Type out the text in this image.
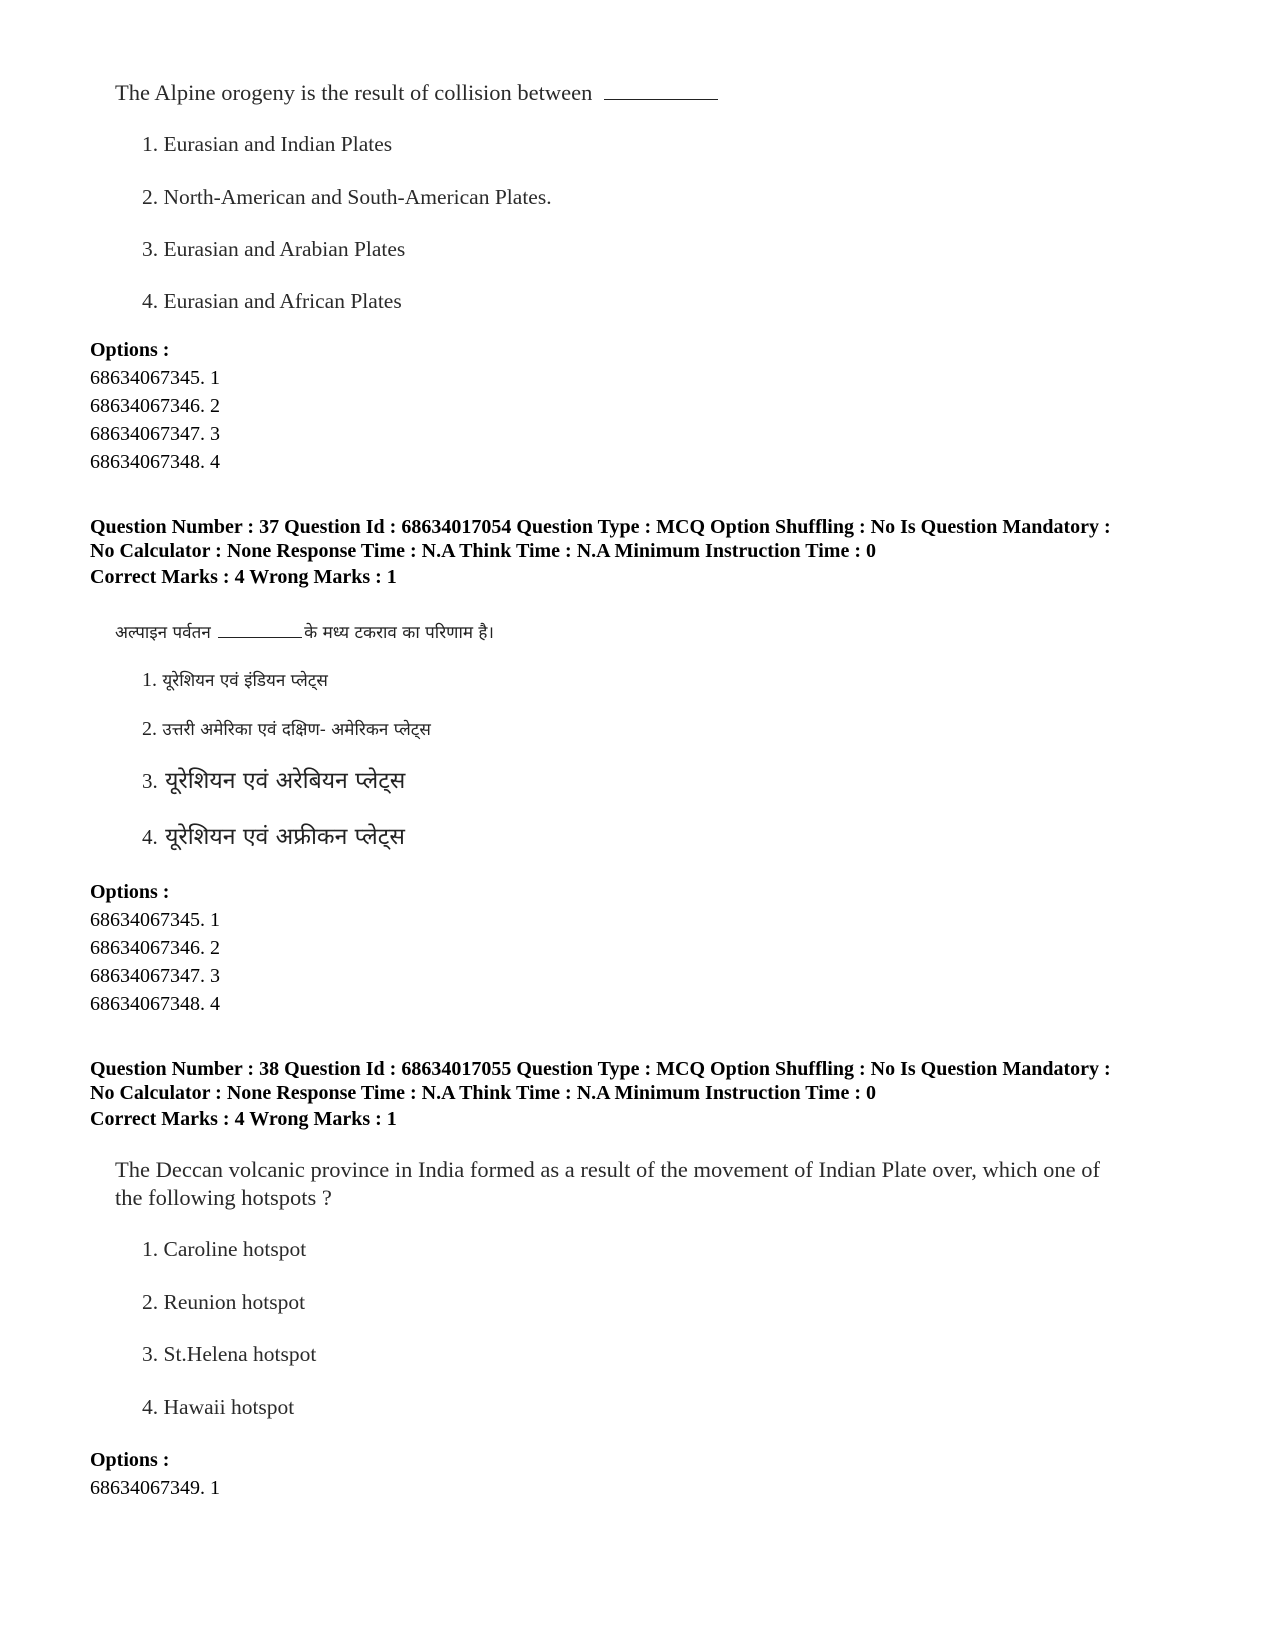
The Alpine orogeny is the result of collision between
1. Eurasian and Indian Plates
2. North-American and South-American Plates.
3. Eurasian and Arabian Plates
4. Eurasian and African Plates
Options :
68634067345. 1
68634067346. 2
68634067347. 3
68634067348. 4
Question Number : 37 Question Id : 68634017054 Question Type : MCQ Option Shuffling : No Is Question Mandatory :
No Calculator : None Response Time : N.A Think Time : N.A Minimum Instruction Time : 0
Correct Marks : 4 Wrong Marks : 1
अल्पाइन पर्वतन	के मध्य टकराव का परिणाम है।
1. यूरेशियन एवं इंडियन प्लेट्स
2. उत्तरी अमेरिका एवं दक्षिण- अमेरिकन प्लेट्स
3. यूरेशियन एवं अरेबियन प्लेट्स
4. यूरेशियन एवं अफ्रीकन प्लेट्स
Options :
68634067345. 1
68634067346. 2
68634067347. 3
68634067348. 4
Question Number : 38 Question Id : 68634017055 Question Type : MCQ Option Shuffling : No Is Question Mandatory :
No Calculator : None Response Time : N.A Think Time : N.A Minimum Instruction Time : 0
Correct Marks : 4 Wrong Marks : 1
The Deccan volcanic province in India formed as a result of the movement of Indian Plate over, which one of
the following hotspots ?
1. Caroline hotspot
2. Reunion hotspot
3. St.Helena hotspot
4. Hawaii hotspot
Options :
68634067349. 1
